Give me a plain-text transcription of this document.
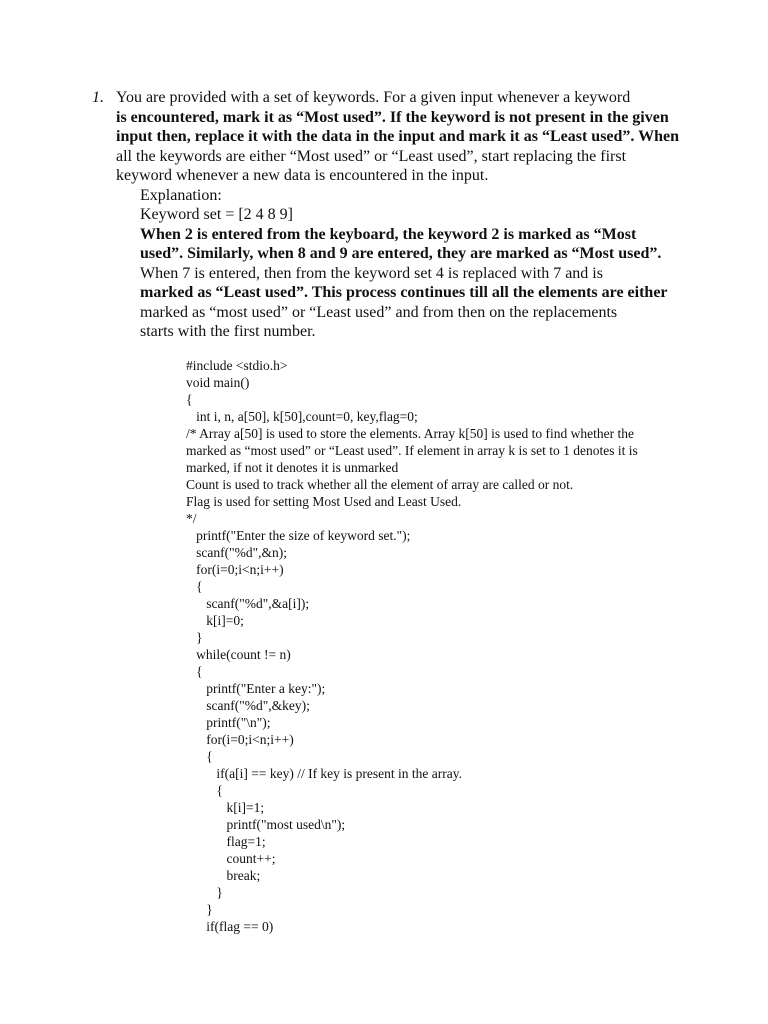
1. You are provided with a set of keywords. For a given input whenever a keyword
is encountered, mark it as “Most used”. If the keyword is not present in the given
input then, replace it with the data in the input and mark it as “Least used”. When
all the keywords are either “Most used” or “Least used”, start replacing the first
keyword whenever a new data is encountered in the input.
Explanation:
Keyword set = [2 4 8 9]
When 2 is entered from the keyboard, the keyword 2 is marked as “Most
used”. Similarly, when 8 and 9 are entered, they are marked as “Most used”.
When 7 is entered, then from the keyword set 4 is replaced with 7 and is
marked as “Least used”. This process continues till all the elements are either
marked as “most used” or “Least used” and from then on the replacements
starts with the first number.
#include <stdio.h>
void main()
{
int i, n, a[50], k[50],count=0, key,flag=0;
/* Array a[50] is used to store the elements. Array k[50] is used to find whether the
marked as “most used” or “Least used”. If element in array k is set to 1 denotes it is
marked, if not it denotes it is unmarked
Count is used to track whether all the element of array are called or not.
Flag is used for setting Most Used and Least Used.
*/
printf("Enter the size of keyword set.");
scanf("%d",&n);
for(i=0;i<n;i++)
{
scanf("%d",&a[i]);
k[i]=0;
}
while(count != n)
{
printf("Enter a key:");
scanf("%d",&key);
printf("\n");
for(i=0;i<n;i++)
{
if(a[i] == key) // If key is present in the array.
{
k[i]=1;
printf("most used\n");
flag=1;
count++;
break;
}
}
if(flag == 0)
